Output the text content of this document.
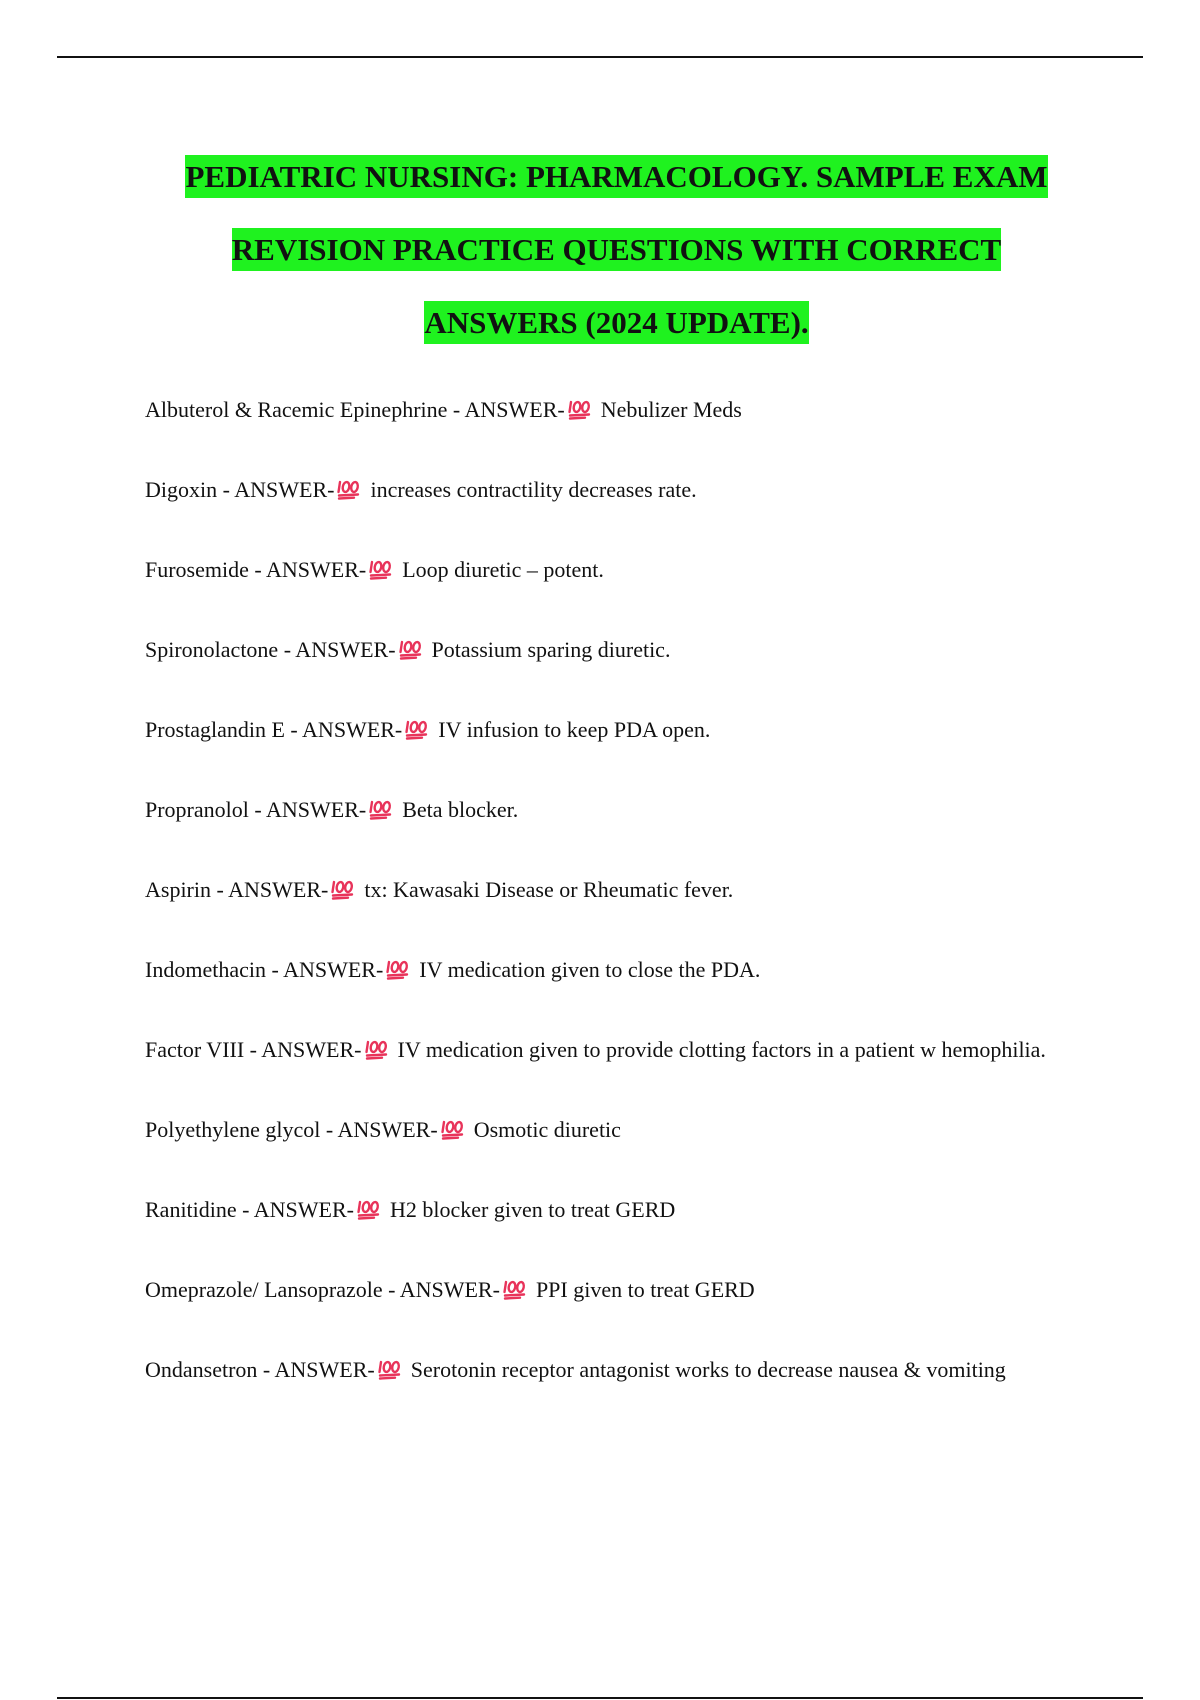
PEDIATRIC NURSING: PHARMACOLOGY. SAMPLE EXAM
REVISION PRACTICE QUESTIONS WITH CORRECT
ANSWERS (2024 UPDATE).
Albuterol & Racemic Epinephrine - ANSWER- Nebulizer Meds
Digoxin - ANSWER- increases contractility decreases rate.
Furosemide - ANSWER- Loop diuretic – potent.
Spironolactone - ANSWER- Potassium sparing diuretic.
Prostaglandin E - ANSWER- IV infusion to keep PDA open.
Propranolol - ANSWER- Beta blocker.
Aspirin - ANSWER- tx: Kawasaki Disease or Rheumatic fever.
Indomethacin - ANSWER- IV medication given to close the PDA.
Factor VIII - ANSWER- IV medication given to provide clotting factors in a patient w hemophilia.
Polyethylene glycol - ANSWER- Osmotic diuretic
Ranitidine - ANSWER- H2 blocker given to treat GERD
Omeprazole/ Lansoprazole - ANSWER- PPI given to treat GERD
Ondansetron - ANSWER- Serotonin receptor antagonist works to decrease nausea & vomiting
